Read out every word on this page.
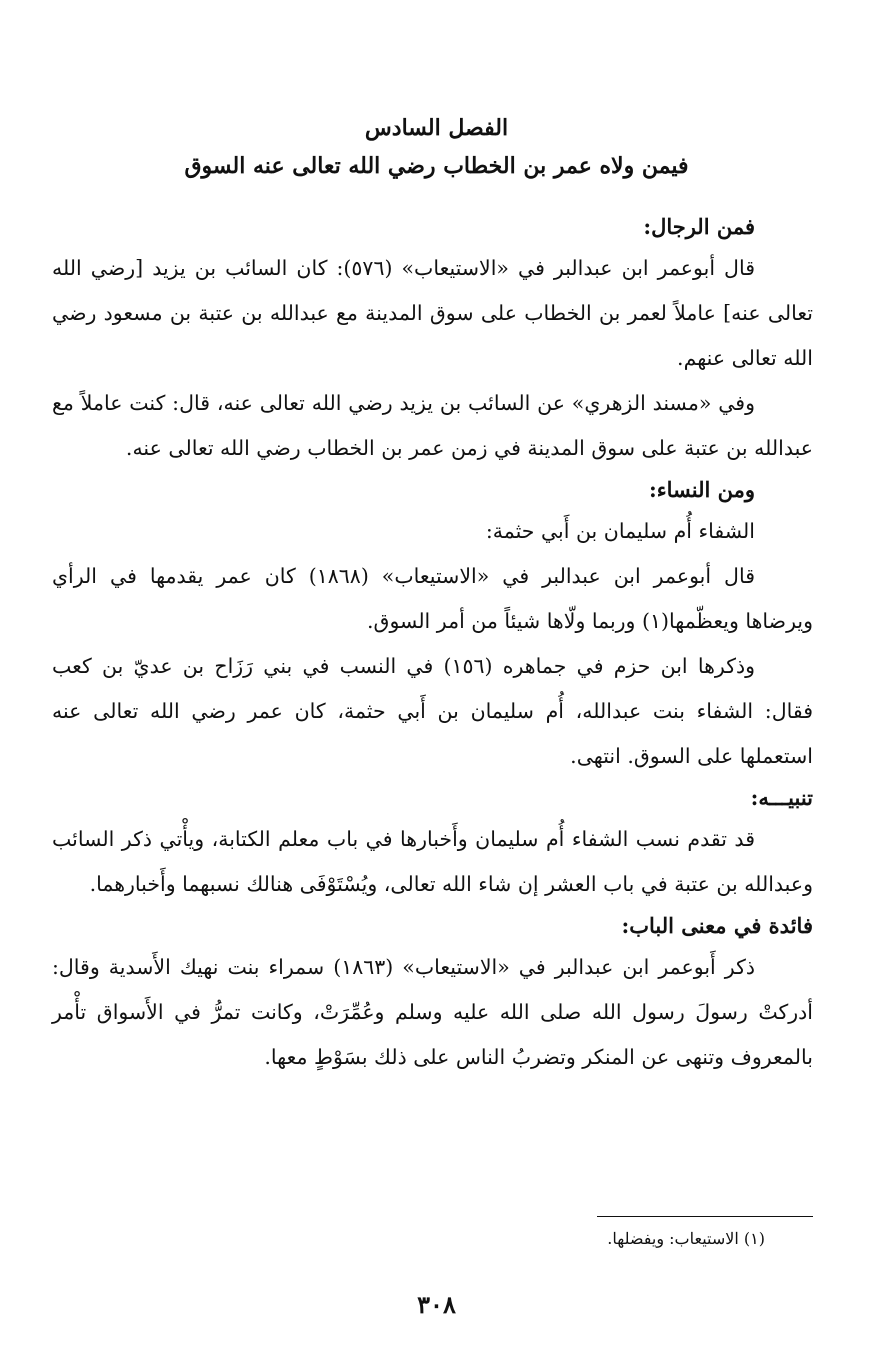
الفصل السادس
فيمن ولاه عمر بن الخطاب رضي الله تعالى عنه السوق

فمن الرجال:

قال أبوعمر ابن عبدالبر في «الاستيعاب» (٥٧٦): كان السائب بن يزيد [رضي الله تعالى عنه] عاملاً لعمر بن الخطاب على سوق المدينة مع عبدالله بن عتبة بن مسعود رضي الله تعالى عنهم.

وفي «مسند الزهري» عن السائب بن يزيد رضي الله تعالى عنه، قال: كنت عاملاً مع عبدالله بن عتبة على سوق المدينة في زمن عمر بن الخطاب رضي الله تعالى عنه.

ومن النساء:

الشفاء أُم سليمان بن أَبي حثمة:

قال أبوعمر ابن عبدالبر في «الاستيعاب» (١٨٦٨) كان عمر يقدمها في الرأي ويرضاها ويعظّمها(١) وربما ولّاها شيئاً من أمر السوق.

وذكرها ابن حزم في جماهره (١٥٦) في النسب في بني رَزَاح بن عديّ بن كعب فقال: الشفاء بنت عبدالله، أُم سليمان بن أَبي حثمة، كان عمر رضي الله تعالى عنه استعملها على السوق. انتهى.

تنبيـــه:

قد تقدم نسب الشفاء أُم سليمان وأَخبارها في باب معلم الكتابة، ويأْتي ذكر السائب وعبدالله بن عتبة في باب العشر إن شاء الله تعالى، ويُسْتَوْفَى هنالك نسبهما وأَخبارهما.

فائدة في معنى الباب:

ذكر أَبوعمر ابن عبدالبر في «الاستيعاب» (١٨٦٣) سمراء بنت نهيك الأَسدية وقال: أدركتْ رسولَ رسول الله صلى الله عليه وسلم وعُمِّرَتْ، وكانت تمرُّ في الأَسواق تأْمر بالمعروف وتنهى عن المنكر وتضربُ الناس على ذلك بسَوْطٍ معها.

(١) الاستيعاب: ويفضلها.
٣٠٨
